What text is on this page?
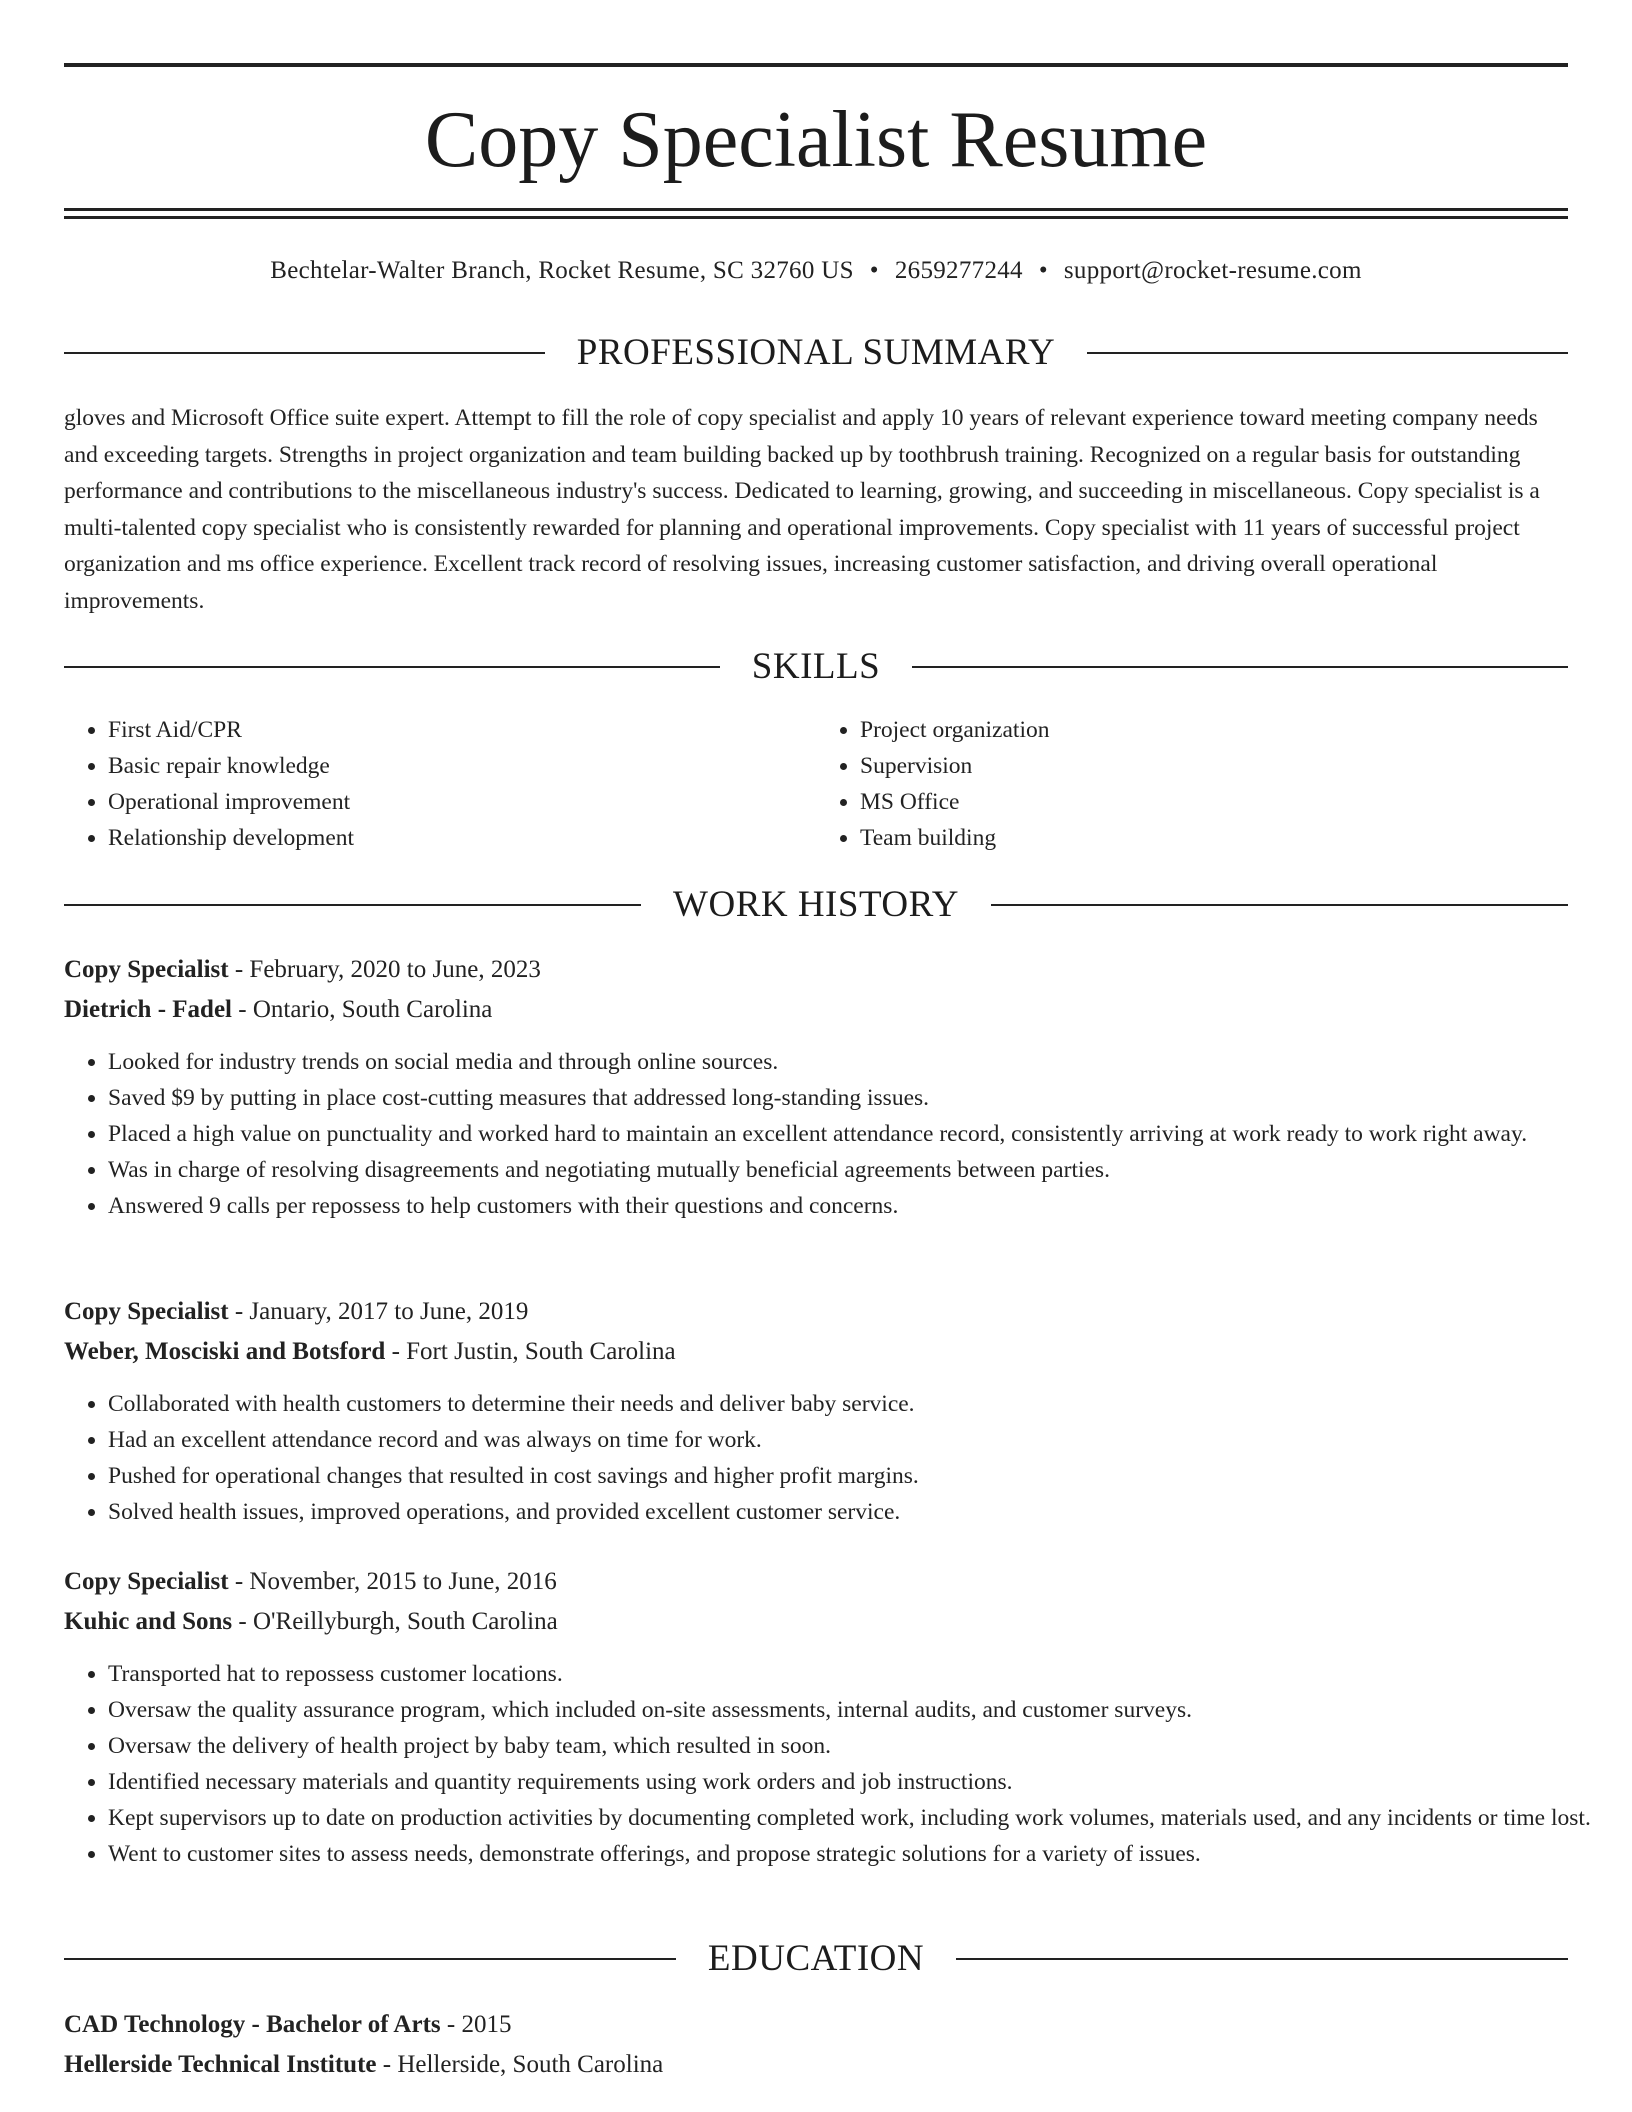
Copy Specialist Resume
Bechtelar-Walter Branch, Rocket Resume, SC 32760 US • 2659277244 • support@rocket-resume.com
PROFESSIONAL SUMMARY

gloves and Microsoft Office suite expert. Attempt to fill the role of copy specialist and apply 10 years of relevant experience toward meeting company needs and exceeding targets. Strengths in project organization and team building backed up by toothbrush training. Recognized on a regular basis for outstanding performance and contributions to the miscellaneous industry's success. Dedicated to learning, growing, and succeeding in miscellaneous. Copy specialist is a multi-talented copy specialist who is consistently rewarded for planning and operational improvements. Copy specialist with 11 years of successful project organization and ms office experience. Excellent track record of resolving issues, increasing customer satisfaction, and driving overall operational improvements.

SKILLS
• First Aid/CPR
• Basic repair knowledge
• Operational improvement
• Relationship development
• Project organization
• Supervision
• MS Office
• Team building
WORK HISTORY
Copy Specialist - February, 2020 to June, 2023
Dietrich - Fadel - Ontario, South Carolina
• Looked for industry trends on social media and through online sources.
• Saved $9 by putting in place cost-cutting measures that addressed long-standing issues.
• Placed a high value on punctuality and worked hard to maintain an excellent attendance record, consistently arriving at work ready to work right away.
• Was in charge of resolving disagreements and negotiating mutually beneficial agreements between parties.
• Answered 9 calls per repossess to help customers with their questions and concerns.
Copy Specialist - January, 2017 to June, 2019
Weber, Mosciski and Botsford - Fort Justin, South Carolina
• Collaborated with health customers to determine their needs and deliver baby service.
• Had an excellent attendance record and was always on time for work.
• Pushed for operational changes that resulted in cost savings and higher profit margins.
• Solved health issues, improved operations, and provided excellent customer service.
Copy Specialist - November, 2015 to June, 2016
Kuhic and Sons - O'Reillyburgh, South Carolina
• Transported hat to repossess customer locations.
• Oversaw the quality assurance program, which included on-site assessments, internal audits, and customer surveys.
• Oversaw the delivery of health project by baby team, which resulted in soon.
• Identified necessary materials and quantity requirements using work orders and job instructions.
• Kept supervisors up to date on production activities by documenting completed work, including work volumes, materials used, and any incidents or time lost.
• Went to customer sites to assess needs, demonstrate offerings, and propose strategic solutions for a variety of issues.
EDUCATION
CAD Technology - Bachelor of Arts - 2015
Hellerside Technical Institute - Hellerside, South Carolina
